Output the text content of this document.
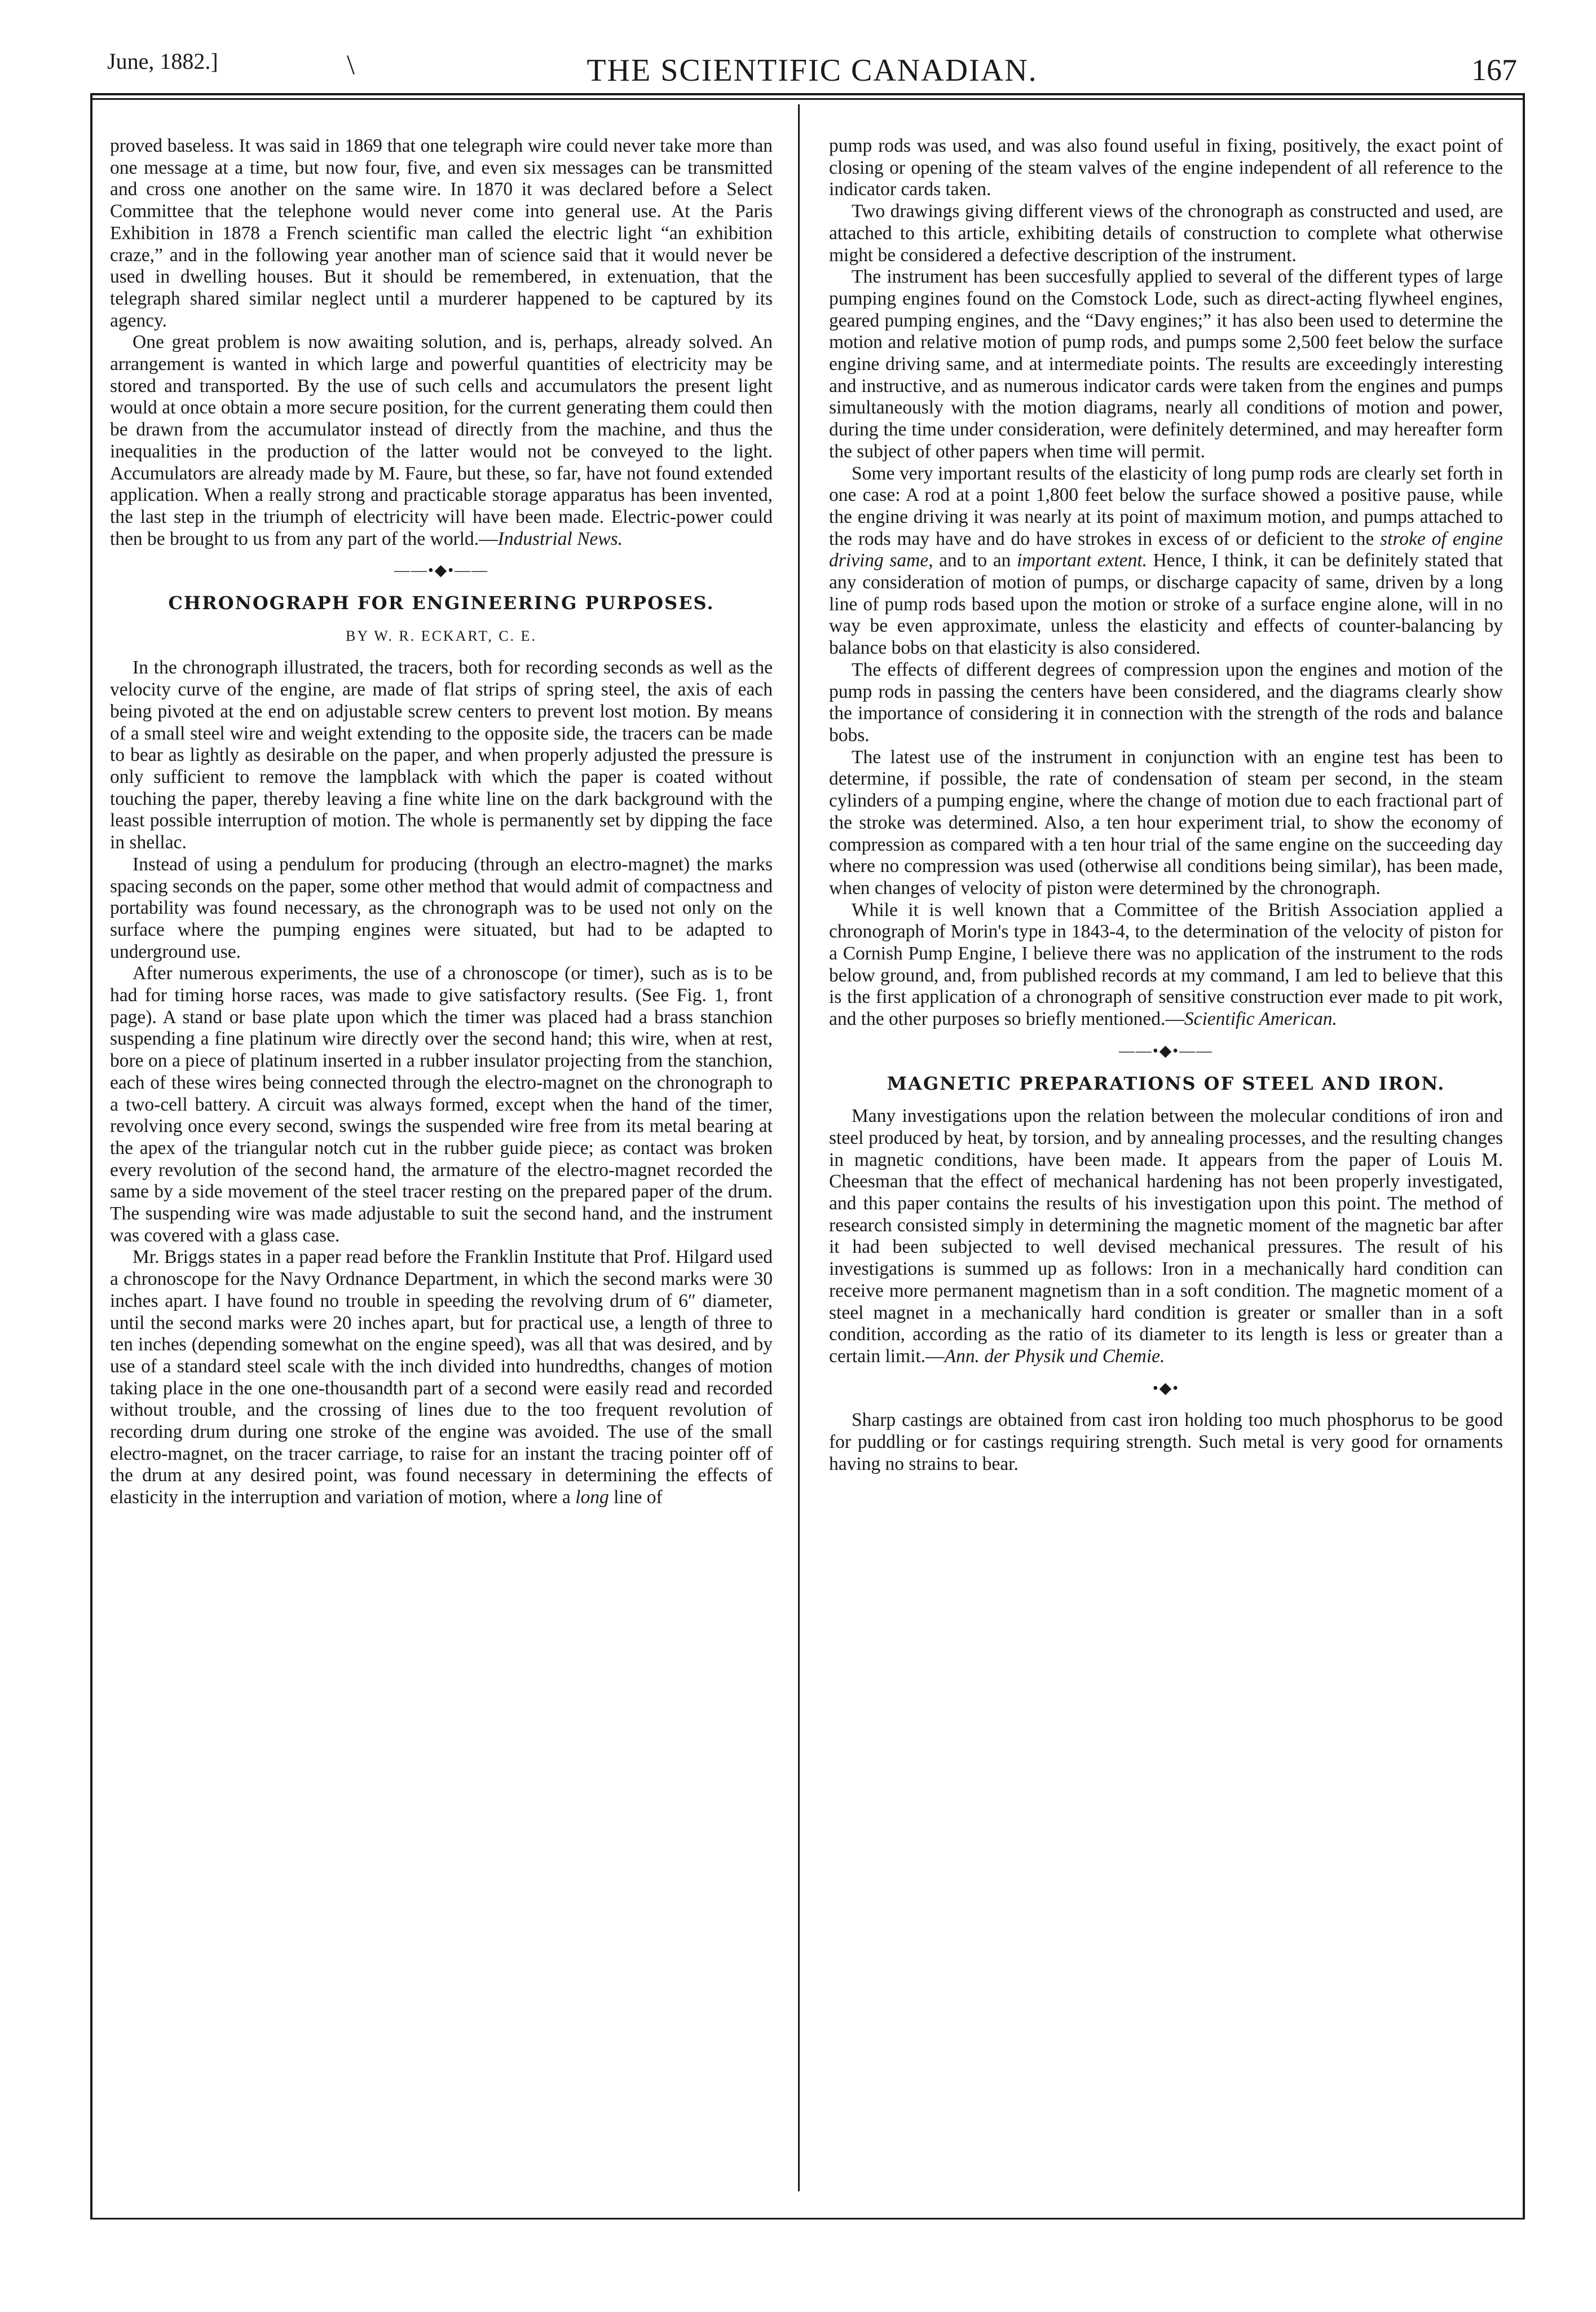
June, 1882.]	\	THE SCIENTIFIC CANADIAN.	167

proved baseless. It was said in 1869 that one telegraph wire could never take more than one message at a time, but now four, five, and even six messages can be transmitted and cross one another on the same wire. In 1870 it was declared before a Select Committee that the telephone would never come into general use. At the Paris Exhibition in 1878 a French scientific man called the electric light “an exhibition craze,” and in the following year another man of science said that it would never be used in dwelling houses. But it should be remembered, in extenuation, that the telegraph shared similar neglect until a murderer happened to be captured by its agency.

One great problem is now awaiting solution, and is, perhaps, already solved. An arrangement is wanted in which large and powerful quantities of electricity may be stored and transported. By the use of such cells and accumulators the present light would at once obtain a more secure position, for the current generating them could then be drawn from the accumulator instead of directly from the machine, and thus the inequalities in the production of the latter would not be conveyed to the light. Accumulators are already made by M. Faure, but these, so far, have not found extended application. When a really strong and practicable storage apparatus has been invented, the last step in the triumph of electricity will have been made. Electric-power could then be brought to us from any part of the world.—Industrial News.

——•◆•——
CHRONOGRAPH FOR ENGINEERING PURPOSES.
BY W. R. ECKART, C. E.

In the chronograph illustrated, the tracers, both for recording seconds as well as the velocity curve of the engine, are made of flat strips of spring steel, the axis of each being pivoted at the end on adjustable screw centers to prevent lost motion. By means of a small steel wire and weight extending to the opposite side, the tracers can be made to bear as lightly as desirable on the paper, and when properly adjusted the pressure is only sufficient to remove the lampblack with which the paper is coated without touching the paper, thereby leaving a fine white line on the dark background with the least possible interruption of motion. The whole is permanently set by dipping the face in shellac.

Instead of using a pendulum for producing (through an electro-magnet) the marks spacing seconds on the paper, some other method that would admit of compactness and portability was found necessary, as the chronograph was to be used not only on the surface where the pumping engines were situated, but had to be adapted to underground use.

After numerous experiments, the use of a chronoscope (or timer), such as is to be had for timing horse races, was made to give satisfactory results. (See Fig. 1, front page). A stand or base plate upon which the timer was placed had a brass stanchion suspending a fine platinum wire directly over the second hand; this wire, when at rest, bore on a piece of platinum inserted in a rubber insulator projecting from the stanchion, each of these wires being connected through the electro-magnet on the chronograph to a two-cell battery. A circuit was always formed, except when the hand of the timer, revolving once every second, swings the suspended wire free from its metal bearing at the apex of the triangular notch cut in the rubber guide piece; as contact was broken every revolution of the second hand, the armature of the electro-magnet recorded the same by a side movement of the steel tracer resting on the prepared paper of the drum. The suspending wire was made adjustable to suit the second hand, and the instrument was covered with a glass case.

Mr. Briggs states in a paper read before the Franklin Institute that Prof. Hilgard used a chronoscope for the Navy Ordnance Department, in which the second marks were 30 inches apart. I have found no trouble in speeding the revolving drum of 6″ diameter, until the second marks were 20 inches apart, but for practical use, a length of three to ten inches (depending somewhat on the engine speed), was all that was desired, and by use of a standard steel scale with the inch divided into hundredths, changes of motion taking place in the one one-thousandth part of a second were easily read and recorded without trouble, and the crossing of lines due to the too frequent revolution of recording drum during one stroke of the engine was avoided. The use of the small electro-magnet, on the tracer carriage, to raise for an instant the tracing pointer off of the drum at any desired point, was found necessary in determining the effects of elasticity in the interruption and variation of motion, where a long line of

pump rods was used, and was also found useful in fixing, positively, the exact point of closing or opening of the steam valves of the engine independent of all reference to the indicator cards taken.

Two drawings giving different views of the chronograph as constructed and used, are attached to this article, exhibiting details of construction to complete what otherwise might be considered a defective description of the instrument.

The instrument has been succesfully applied to several of the different types of large pumping engines found on the Comstock Lode, such as direct-acting flywheel engines, geared pumping engines, and the “Davy engines;” it has also been used to determine the motion and relative motion of pump rods, and pumps some 2,500 feet below the surface engine driving same, and at intermediate points. The results are exceedingly interesting and instructive, and as numerous indicator cards were taken from the engines and pumps simultaneously with the motion diagrams, nearly all conditions of motion and power, during the time under consideration, were definitely determined, and may hereafter form the subject of other papers when time will permit.

Some very important results of the elasticity of long pump rods are clearly set forth in one case: A rod at a point 1,800 feet below the surface showed a positive pause, while the engine driving it was nearly at its point of maximum motion, and pumps attached to the rods may have and do have strokes in excess of or deficient to the stroke of engine driving same, and to an important extent. Hence, I think, it can be definitely stated that any consideration of motion of pumps, or discharge capacity of same, driven by a long line of pump rods based upon the motion or stroke of a surface engine alone, will in no way be even approximate, unless the elasticity and effects of counter-balancing by balance bobs on that elasticity is also considered.

The effects of different degrees of compression upon the engines and motion of the pump rods in passing the centers have been considered, and the diagrams clearly show the importance of considering it in connection with the strength of the rods and balance bobs.

The latest use of the instrument in conjunction with an engine test has been to determine, if possible, the rate of condensation of steam per second, in the steam cylinders of a pumping engine, where the change of motion due to each fractional part of the stroke was determined. Also, a ten hour experiment trial, to show the economy of compression as compared with a ten hour trial of the same engine on the succeeding day where no compression was used (otherwise all conditions being similar), has been made, when changes of velocity of piston were determined by the chronograph.

While it is well known that a Committee of the British Association applied a chronograph of Morin's type in 1843-4, to the determination of the velocity of piston for a Cornish Pump Engine, I believe there was no application of the instrument to the rods below ground, and, from published records at my command, I am led to believe that this is the first application of a chronograph of sensitive construction ever made to pit work, and the other purposes so briefly mentioned.—Scientific American.

——•◆•——
MAGNETIC PREPARATIONS OF STEEL AND IRON.

Many investigations upon the relation between the molecular conditions of iron and steel produced by heat, by torsion, and by annealing processes, and the resulting changes in magnetic conditions, have been made. It appears from the paper of Louis M. Cheesman that the effect of mechanical hardening has not been properly investigated, and this paper contains the results of his investigation upon this point. The method of research consisted simply in determining the magnetic moment of the magnetic bar after it had been subjected to well devised mechanical pressures. The result of his investigations is summed up as follows: Iron in a mechanically hard condition can receive more permanent magnetism than in a soft condition. The magnetic moment of a steel magnet in a mechanically hard condition is greater or smaller than in a soft condition, according as the ratio of its diameter to its length is less or greater than a certain limit.—Ann. der Physik und Chemie.

•◆•

Sharp castings are obtained from cast iron holding too much phosphorus to be good for puddling or for castings requiring strength. Such metal is very good for ornaments having no strains to bear.
